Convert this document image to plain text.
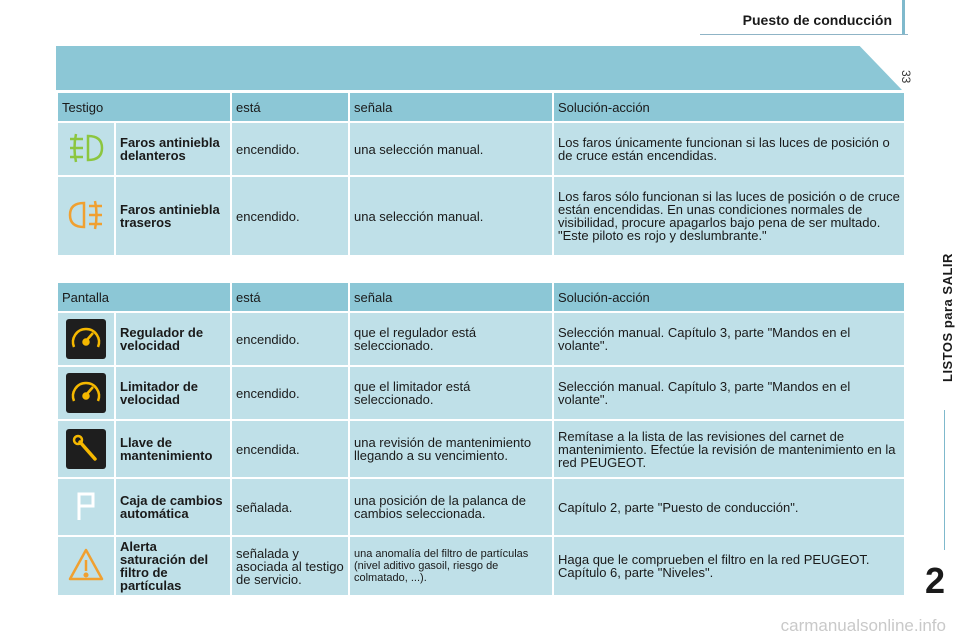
Puesto de conducción
33
LISTOS para SALIR
2
Testigo		está	señala	Solución-acción
	Faros antiniebla delanteros	encendido.	una selección manual.	Los faros únicamente funcionan si las luces de posición o de cruce están encendidas.
	Faros antiniebla traseros	encendido.	una selección manual.	Los faros sólo funcionan si las luces de posición o de cruce están encendidas. En unas condiciones normales de visibilidad, procure apagarlos bajo pena de ser multado. "Este piloto es rojo y deslumbrante."
Pantalla		está	señala	Solución-acción
	Regulador de velocidad	encendido.	que el regulador está seleccionado.	Selección manual. Capítulo 3, parte "Mandos en el volante".
	Limitador de velocidad	encendido.	que el limitador está seleccionado.	Selección manual. Capítulo 3, parte "Mandos en el volante".
	Llave de mantenimiento	encendida.	una revisión de mantenimiento llegando a su vencimiento.	Remítase a la lista de las revisiones del carnet de mantenimiento. Efectúe la revisión de mantenimiento en la red PEUGEOT.
	Caja de cambios automática	señalada.	una posición de la palanca de cambios seleccionada.	Capítulo 2, parte "Puesto de conducción".
	Alerta saturación del filtro de partículas	señalada y asociada al testigo de servicio.	una anomalía del filtro de partículas (nivel aditivo gasoil, riesgo de colmatado, ...).	Haga que le comprueben el filtro en la red PEUGEOT. Capítulo 6, parte "Niveles".
carmanualsonline.info
